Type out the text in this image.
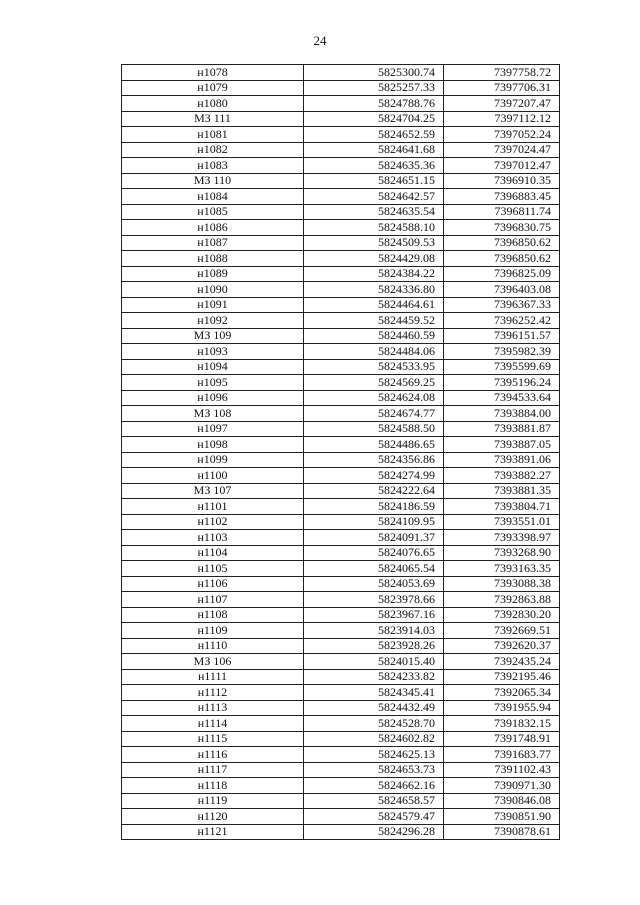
24
н1078	5825300.74	7397758.72
н1079	5825257.33	7397706.31
н1080	5824788.76	7397207.47
МЗ 111	5824704.25	7397112.12
н1081	5824652.59	7397052.24
н1082	5824641.68	7397024.47
н1083	5824635.36	7397012.47
МЗ 110	5824651.15	7396910.35
н1084	5824642.57	7396883.45
н1085	5824635.54	7396811.74
н1086	5824588.10	7396830.75
н1087	5824509.53	7396850.62
н1088	5824429.08	7396850.62
н1089	5824384.22	7396825.09
н1090	5824336.80	7396403.08
н1091	5824464.61	7396367.33
н1092	5824459.52	7396252.42
МЗ 109	5824460.59	7396151.57
н1093	5824484.06	7395982.39
н1094	5824533.95	7395599.69
н1095	5824569.25	7395196.24
н1096	5824624.08	7394533.64
МЗ 108	5824674.77	7393884.00
н1097	5824588.50	7393881.87
н1098	5824486.65	7393887.05
н1099	5824356.86	7393891.06
н1100	5824274.99	7393882.27
МЗ 107	5824222.64	7393881.35
н1101	5824186.59	7393804.71
н1102	5824109.95	7393551.01
н1103	5824091.37	7393398.97
н1104	5824076.65	7393268.90
н1105	5824065.54	7393163.35
н1106	5824053.69	7393088.38
н1107	5823978.66	7392863.88
н1108	5823967.16	7392830.20
н1109	5823914.03	7392669.51
н1110	5823928.26	7392620.37
МЗ 106	5824015.40	7392435.24
н1111	5824233.82	7392195.46
н1112	5824345.41	7392065.34
н1113	5824432.49	7391955.94
н1114	5824528.70	7391832.15
н1115	5824602.82	7391748.91
н1116	5824625.13	7391683.77
н1117	5824653.73	7391102.43
н1118	5824662.16	7390971.30
н1119	5824658.57	7390846.08
н1120	5824579.47	7390851.90
н1121	5824296.28	7390878.61
